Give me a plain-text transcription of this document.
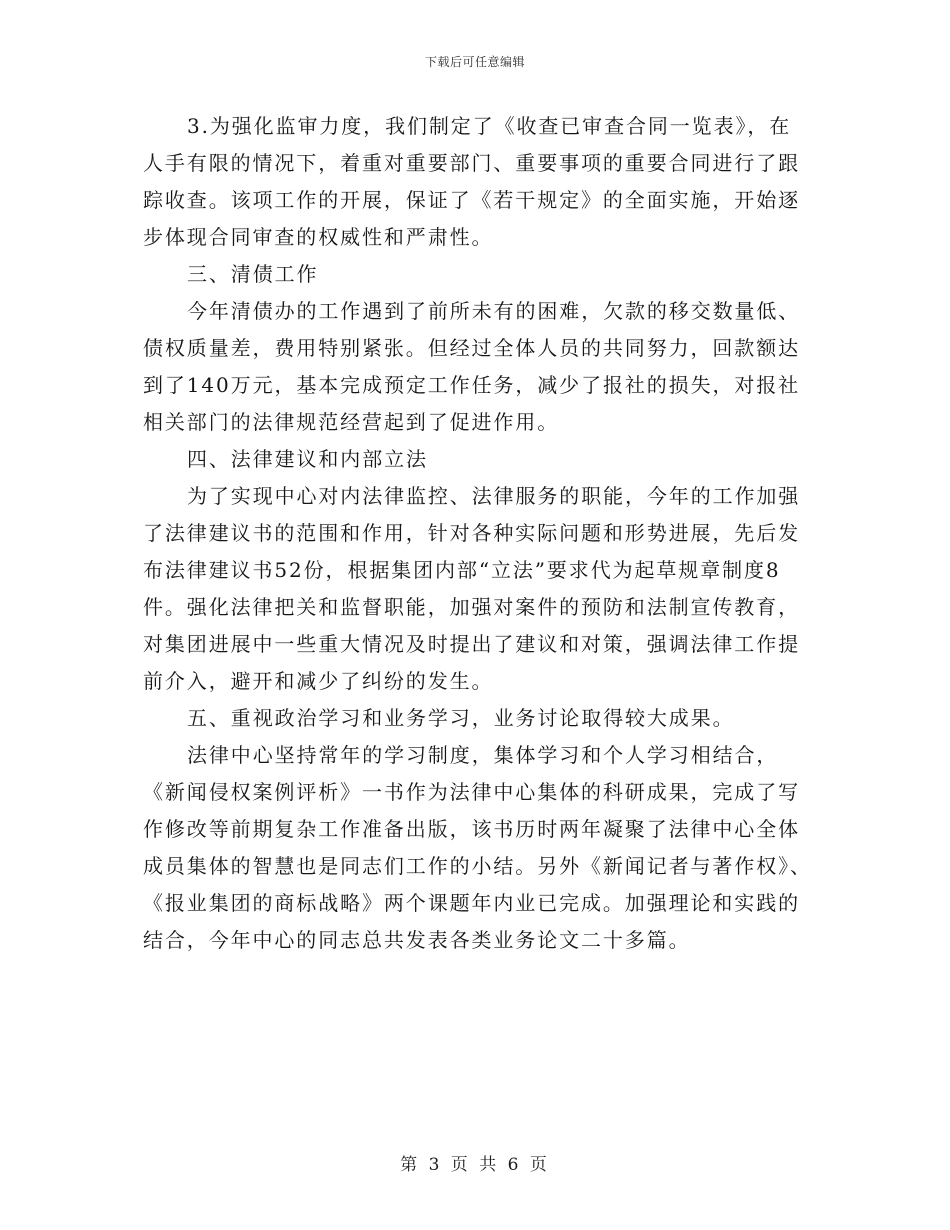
下载后可任意编辑
3.为强化监审力度，我们制定了《收查已审查合同一览表》，在
人手有限的情况下，着重对重要部门、重要事项的重要合同进行了跟
踪收查。该项工作的开展，保证了《若干规定》的全面实施，开始逐
步体现合同审查的权威性和严肃性。
三、清债工作
今年清债办的工作遇到了前所未有的困难，欠款的移交数量低、
债权质量差，费用特别紧张。但经过全体人员的共同努力，回款额达
到了140万元，基本完成预定工作任务，减少了报社的损失，对报社
相关部门的法律规范经营起到了促进作用。
四、法律建议和内部立法
为了实现中心对内法律监控、法律服务的职能，今年的工作加强
了法律建议书的范围和作用，针对各种实际问题和形势进展，先后发
布法律建议书52份，根据集团内部“立法”要求代为起草规章制度8
件。强化法律把关和监督职能，加强对案件的预防和法制宣传教育，
对集团进展中一些重大情况及时提出了建议和对策，强调法律工作提
前介入，避开和减少了纠纷的发生。
五、重视政治学习和业务学习，业务讨论取得较大成果。
法律中心坚持常年的学习制度，集体学习和个人学习相结合，
《新闻侵权案例评析》一书作为法律中心集体的科研成果，完成了写
作修改等前期复杂工作准备出版，该书历时两年凝聚了法律中心全体
成员集体的智慧也是同志们工作的小结。另外《新闻记者与著作权》、
《报业集团的商标战略》两个课题年内业已完成。加强理论和实践的
结合，今年中心的同志总共发表各类业务论文二十多篇。
第 3 页 共 6 页
